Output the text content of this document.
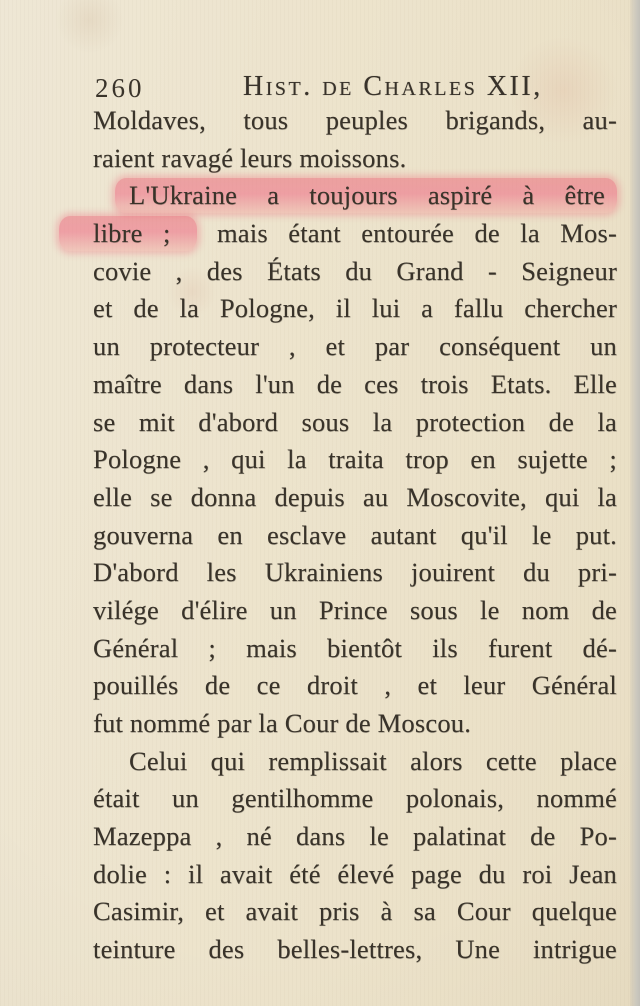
260	Hist. de Charles XII,
Moldaves, tous peuples brigands, au-
raient ravagé leurs moissons.
L'Ukraine a toujours aspiré à être
libre ; mais étant entourée de la Mos-
covie , des États du Grand - Seigneur
et de la Pologne, il lui a fallu chercher
un protecteur , et par conséquent un
maître dans l'un de ces trois Etats. Elle
se mit d'abord sous la protection de la
Pologne , qui la traita trop en sujette ;
elle se donna depuis au Moscovite, qui la
gouverna en esclave autant qu'il le put.
D'abord les Ukrainiens jouirent du pri-
vilége d'élire un Prince sous le nom de
Général ; mais bientôt ils furent dé-
pouillés de ce droit , et leur Général
fut nommé par la Cour de Moscou.
Celui qui remplissait alors cette place
était un gentilhomme polonais, nommé
Mazeppa , né dans le palatinat de Po-
dolie : il avait été élevé page du roi Jean
Casimir, et avait pris à sa Cour quelque
teinture des belles-lettres, Une intrigue
